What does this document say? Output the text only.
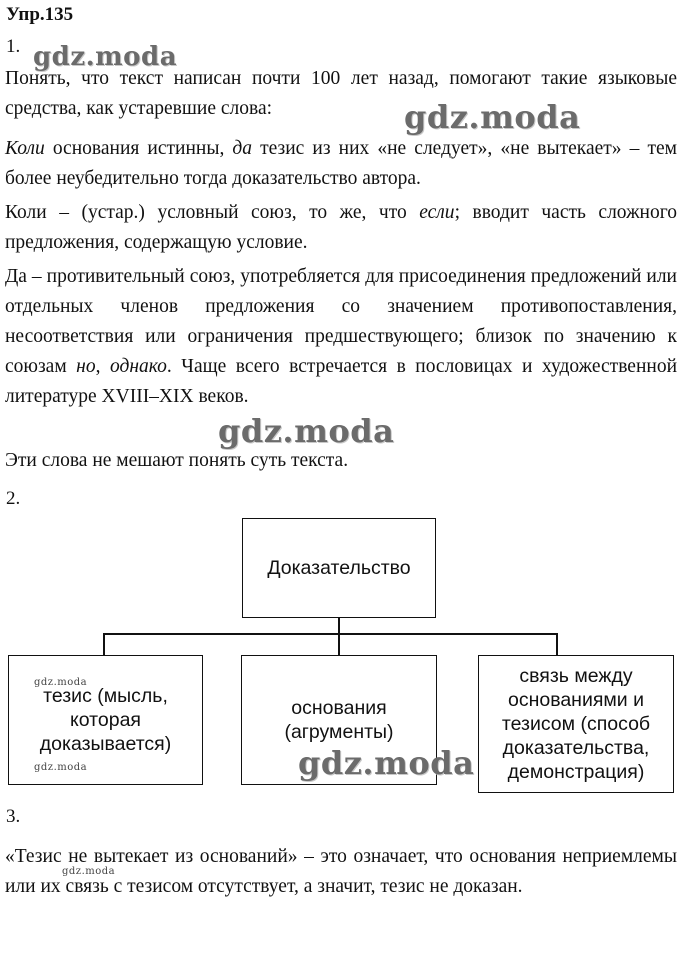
Упр.135
1. gdz.moda

Понять, что текст написан почти 100 лет назад, помогают такие языковые средства, как устаревшие слова:	gdz.moda

Коли основания истинны, да тезис из них «не следует», «не вытекает» – тем более неубедительно тогда доказательство автора.

Коли – (устар.) условный союз, то же, что если; вводит часть сложного предложения, содержащую условие.

Да – противительный союз, употребляется для присоединения предложений или отдельных членов предложения со значением противопоставления, несоответствия или ограничения предшествующего; близок по значению к союзам но, однако. Чаще всего встречается в пословицах и художественной литературе XVIII–XIX веков.

gdz.moda

Эти слова не мешают понять суть текста.

2.
Доказательство
тезис (мысль, которая доказывается)
gdz.moda
gdz.moda
основания (агрументы)
связь между основаниями и тезисом (способ доказательства, демонстрация)
gdz.moda
3.

«Тезис не вытекает из оснований» – это означает, что основания неприемлемы или их связь с тезисом отсутствует, а значит, тезис не доказан.

gdz.moda
